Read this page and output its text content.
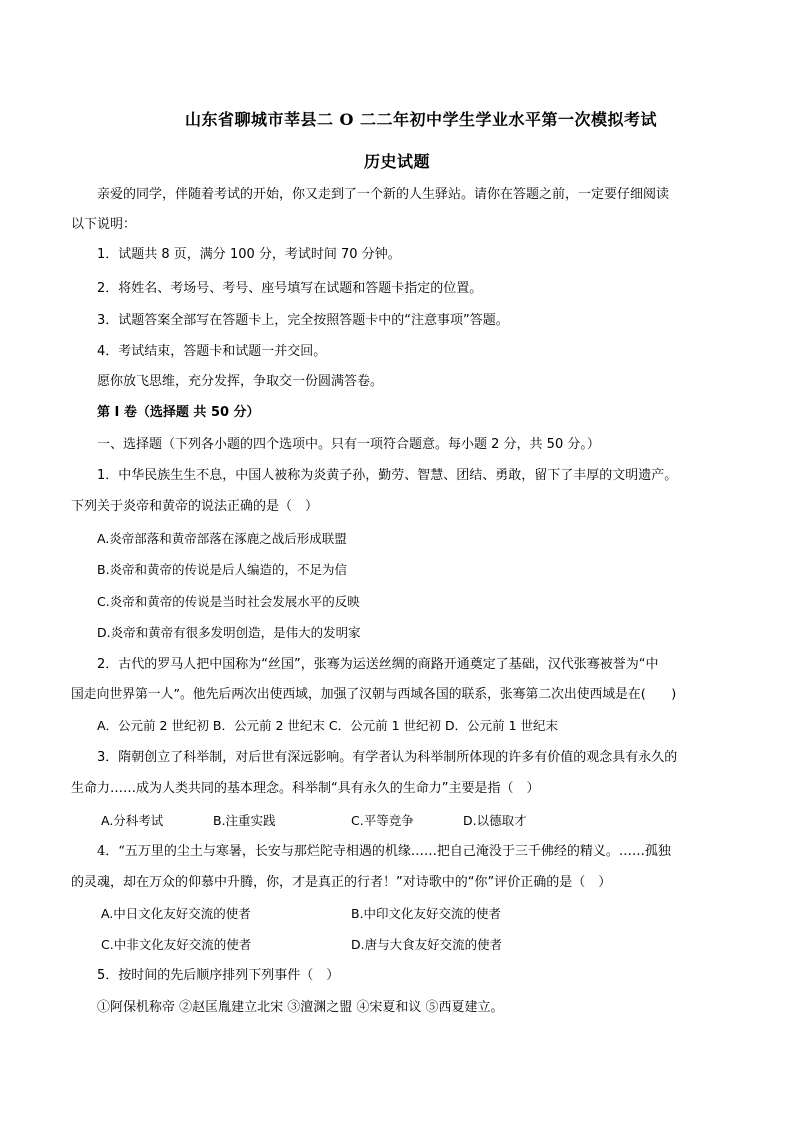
山东省聊城市莘县二 O 二二年初中学生学业水平第一次模拟考试
历史试题
亲爱的同学，伴随着考试的开始，你又走到了一个新的人生驿站。请你在答题之前，一定要仔细阅读
以下说明：
1．试题共 8 页，满分 100 分，考试时间 70 分钟。
2．将姓名、考场号、考号、座号填写在试题和答题卡指定的位置。
3．试题答案全部写在答题卡上，完全按照答题卡中的“注意事项”答题。
4．考试结束，答题卡和试题一并交回。
愿你放飞思维，充分发挥，争取交一份圆满答卷。
第 I 卷（选择题 共 50 分）
一、选择题（下列各小题的四个选项中。只有一项符合题意。每小题 2 分，共 50 分。）
1．中华民族生生不息，中国人被称为炎黄子孙，勤劳、智慧、团结、勇敢，留下了丰厚的文明遗产。
下列关于炎帝和黄帝的说法正确的是（　）
A.炎帝部落和黄帝部落在涿鹿之战后形成联盟
B.炎帝和黄帝的传说是后人编造的，不足为信
C.炎帝和黄帝的传说是当时社会发展水平的反映
D.炎帝和黄帝有很多发明创造，是伟大的发明家
2．古代的罗马人把中国称为“丝国”，张骞为运送丝绸的商路开通奠定了基础，汉代张骞被誉为“中
国走向世界第一人”。他先后两次出使西域，加强了汉朝与西域各国的联系，张骞第二次出使西域是在(　　)
A．公元前 2 世纪初 B．公元前 2 世纪末 C．公元前 1 世纪初 D．公元前 1 世纪末
3．隋朝创立了科举制，对后世有深远影响。有学者认为科举制所体现的许多有价值的观念具有永久的
生命力……成为人类共同的基本理念。科举制“具有永久的生命力”主要是指（　）
A.分科考试	B.注重实践	C.平等竞争	D.以德取才
4．“五万里的尘土与寒暑，长安与那烂陀寺相遇的机缘……把自己淹没于三千佛经的精义。……孤独
的灵魂，却在万众的仰慕中升腾，你，才是真正的行者！”对诗歌中的“你”评价正确的是（　）
A.中日文化友好交流的使者	B.中印文化友好交流的使者
C.中非文化友好交流的使者	D.唐与大食友好交流的使者
5．按时间的先后顺序排列下列事件（　）
①阿保机称帝 ②赵匡胤建立北宋 ③澶渊之盟 ④宋夏和议 ⑤西夏建立。
